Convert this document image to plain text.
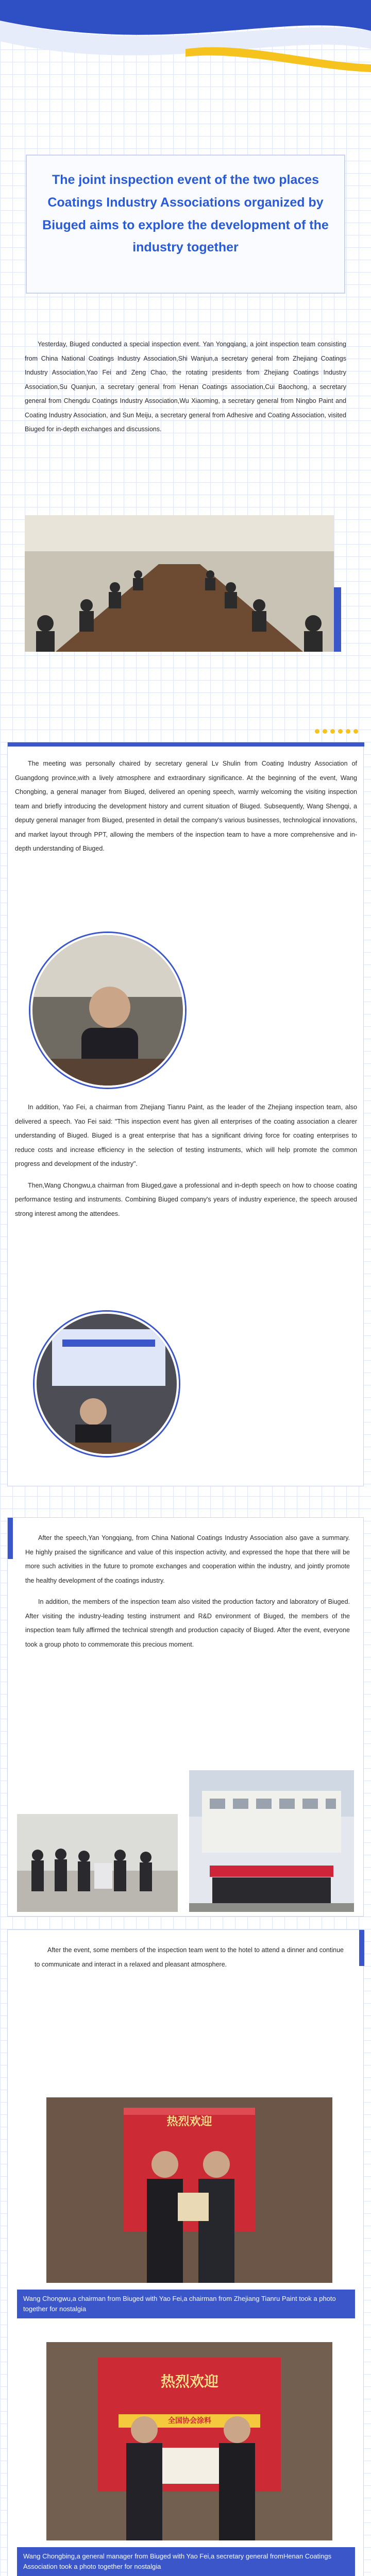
The joint inspection event of the two places Coatings Industry Associations organized by Biuged aims to explore the development of the industry together

Yesterday, Biuged conducted a special inspection event. Yan Yongqiang, a joint inspection team consisting from China National Coatings Industry Association,Shi Wanjun,a secretary general from Zhejiang Coatings Industry Association,Yao Fei and Zeng Chao, the rotating presidents from Zhejiang Coatings Industry Association,Su Quanjun, a secretary general from Henan Coatings association,Cui Baochong, a secretary general from Chengdu Coatings Industry Association,Wu Xiaoming, a secretary general from Ningbo Paint and Coating Industry Association, and Sun Meiju, a secretary general from Adhesive and Coating Association, visited Biuged for in-depth exchanges and discussions.

The meeting was personally chaired by secretary general Lv Shulin from Coating Industry Association of Guangdong province,with a lively atmosphere and extraordinary significance. At the beginning of the event, Wang Chongbing, a general manager from Biuged, delivered an opening speech, warmly welcoming the visiting inspection team and briefly introducing the development history and current situation of Biuged. Subsequently, Wang Shengqi, a deputy general manager from Biuged, presented in detail the company's various businesses, technological innovations, and market layout through PPT, allowing the members of the inspection team to have a more comprehensive and in-depth understanding of Biuged.

In addition, Yao Fei, a chairman from Zhejiang Tianru Paint, as the leader of the Zhejiang inspection team, also delivered a speech. Yao Fei said: "This inspection event has given all enterprises of the coating association a clearer understanding of Biuged. Biuged is a great enterprise that has a significant driving force for coating enterprises to reduce costs and increase efficiency in the selection of testing instruments, which will help promote the common progress and development of the industry".

Then,Wang Chongwu,a chairman from Biuged,gave a professional and in-depth speech on how to choose coating performance testing and instruments. Combining Biuged company's years of industry experience, the speech aroused strong interest among the attendees.

After the speech,Yan Yongqiang, from China National Coatings Industry Association also gave a summary. He highly praised the significance and value of this inspection activity, and expressed the hope that there will be more such activities in the future to promote exchanges and cooperation within the industry, and jointly promote the healthy development of the coatings industry.

In addition, the members of the inspection team also visited the production factory and laboratory of Biuged. After visiting the industry-leading testing instrument and R&D environment of Biuged, the members of the inspection team fully affirmed the technical strength and production capacity of Biuged. After the event, everyone took a group photo to commemorate this precious moment.

After the event, some members of the inspection team went to the hotel to attend a dinner and continue to communicate and interact in a relaxed and pleasant atmosphere.

热烈欢迎
Wang Chongwu,a chairman from Biuged with Yao Fei,a chairman from Zhejiang Tianru Paint took a photo together for nostalgia
热烈欢迎
全国协会涂料
Wang Chongbing,a general manager from Biuged with Yao Fei,a secretary general fromHenan Coatings Association took a photo together for nostalgia
